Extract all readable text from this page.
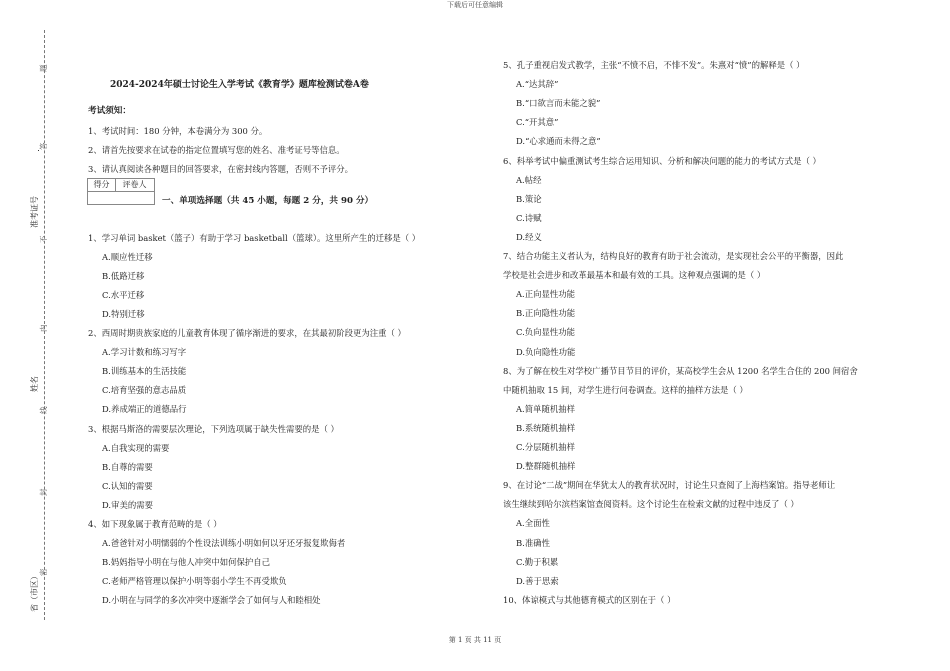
下载后可任意编辑
准考证号
姓名
省（市区）
题
答
不
内
线
封
密
2024-2024年硕士讨论生入学考试《教育学》题库检测试卷A卷
考试须知：
1、考试时间：180 分钟，本卷满分为 300 分。
2、请首先按要求在试卷的指定位置填写您的姓名、准考证号等信息。
3、请认真阅读各种题目的回答要求，在密封线内答题，否则不予评分。
得分	评卷人
一、单项选择题（共 45 小题，每题 2 分，共 90 分）
1、学习单词 basket（篮子）有助于学习 basketball（篮球）。这里所产生的迁移是（ ）
A.顺应性迁移
B.低路迁移
C.水平迁移
D.特别迁移
2、西周时期贵族家庭的儿童教育体现了循序渐进的要求，在其最初阶段更为注重（ ）
A.学习计数和练习写字
B.训练基本的生活技能
C.培育坚强的意志品质
D.养成端正的道德品行
3、根据马斯洛的需要层次理论，下列选项属于缺失性需要的是（ ）
A.自我实现的需要
B.自尊的需要
C.认知的需要
D.审美的需要
4、如下现象属于教育范畴的是（ ）
A.爸爸针对小明懦弱的个性设法训练小明如何以牙还牙报复欺侮者
B.妈妈指导小明在与他人冲突中如何保护自己
C.老师严格管理以保护小明等弱小学生不再受欺负
D.小明在与同学的多次冲突中逐渐学会了如何与人和睦相处
5、孔子重视启发式教学，主张“不愤不启，不悱不发”。朱熹对“愤”的解释是（ ）
A.“达其辞”
B.“口欲言而未能之貌”
C.“开其意”
D.“心求通而未得之意”
6、科举考试中偏重测试考生综合运用知识、分析和解决问题的能力的考试方式是（ ）
A.帖经
B.策论
C.诗赋
D.经义
7、结合功能主义者认为，结构良好的教育有助于社会流动，是实现社会公平的平衡器，因此
学校是社会进步和改革最基本和最有效的工具。这种观点强调的是（ ）
A.正向显性功能
B.正向隐性功能
C.负向显性功能
D.负向隐性功能
8、为了解在校生对学校广播节目节目的评价，某高校学生会从 1200 名学生合住的 200 间宿舍
中随机抽取 15 间，对学生进行问卷调查。这样的抽样方法是（ ）
A.简单随机抽样
B.系统随机抽样
C.分层随机抽样
D.整群随机抽样
9、在讨论“二战”期间在华犹太人的教育状况时，讨论生只查阅了上海档案馆。指导老师让
该生继续到哈尔滨档案馆查阅资料。这个讨论生在检索文献的过程中违反了（ ）
A.全面性
B.准确性
C.勤于积累
D.善于思索
10、体谅模式与其他德育模式的区别在于（ ）
第 1 页 共 11 页
